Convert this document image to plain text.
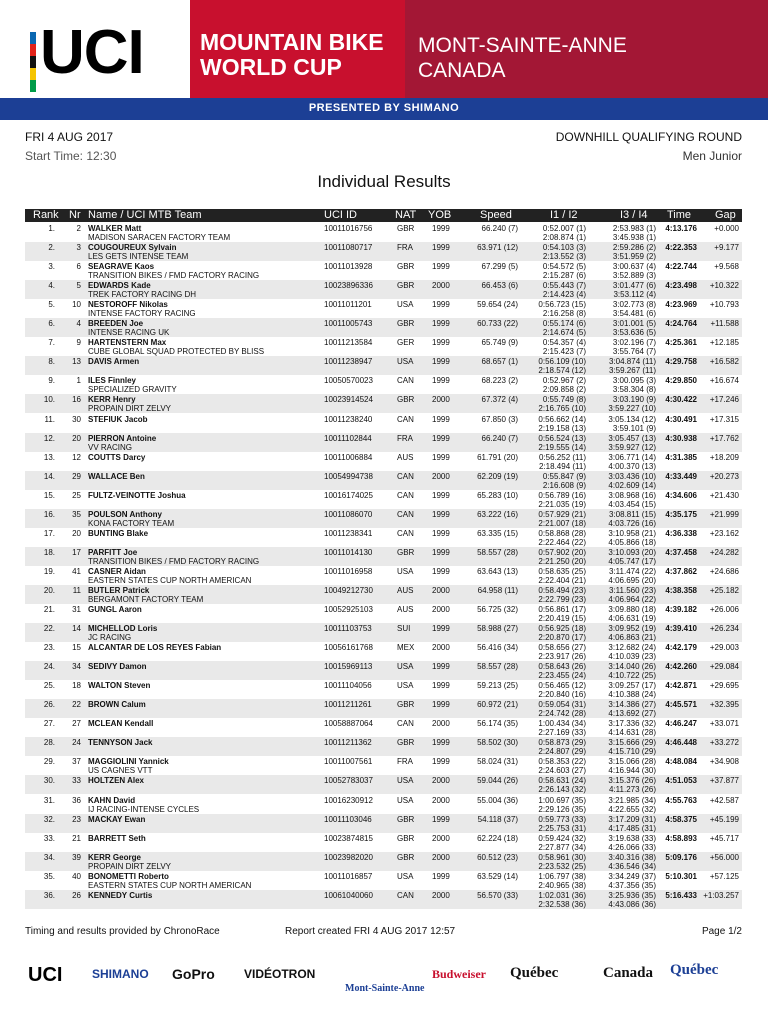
UCI MOUNTAIN BIKE
WORLD CUP
MONT-SAINTE-ANNE
CANADA
PRESENTED BY SHIMANO
FRI 4 AUG 2017
Start Time: 12:30
DOWNHILL QUALIFYING ROUND
Men Junior
Individual Results
Rank Nr Name / UCI MTB Team	UCI ID	NAT YOB	Speed	I1 / I2	I3 / I4 Time Gap
1.	2 WALKER Matt	10011016756	GBR 1999	66.240 (7)	0:52.007 (1)	2:53.983 (1) 4:13.176 +0.000
MADISON SARACEN FACTORY TEAM	2:08.874 (1)	3:45.938 (1)
2.	3 COUGOUREUX Sylvain	10011080717	FRA 1999	63.971 (12)	0:54.103 (3)	2:59.286 (2) 4:22.353 +9.177
LES GETS INTENSE TEAM	2:13.552 (3)	3:51.959 (2)
3.	6 SEAGRAVE Kaos	10011013928	GBR 1999	67.299 (5)	0:54.572 (5)	3:00.637 (4) 4:22.744 +9.568
TRANSITION BIKES / FMD FACTORY RACING	2:15.287 (6)	3:52.889 (3)
4.	5 EDWARDS Kade	10023896336	GBR 2000	66.453 (6)	0:55.443 (7)	3:01.477 (6) 4:23.498 +10.322
TREK FACTORY RACING DH	2:14.423 (4)	3:53.112 (4)
5. 10 NESTOROFF Nikolas	10011011201	USA 1999	59.654 (24)	0:56.723 (15)	3:02.773 (8) 4:23.969 +10.793
INTENSE FACTORY RACING	2:16.258 (8)	3:54.481 (6)
6.	4 BREEDEN Joe	10011005743	GBR 1999	60.733 (22)	0:55.174 (6)	3:01.001 (5) 4:24.764 +11.588
INTENSE RACING UK	2:14.674 (5)	3:53.636 (5)
7.	9 HARTENSTERN Max	10011213584	GER 1999	65.749 (9)	0:54.357 (4)	3:02.196 (7) 4:25.361 +12.185
CUBE GLOBAL SQUAD PROTECTED BY BLISS	2:15.423 (7)	3:55.764 (7)
8. 13 DAVIS Armen	10011238947	USA 1999	68.657 (1)	0:56.109 (10)	3:04.874 (11) 4:29.758 +16.582
2:18.574 (12)	3:59.267 (11)
9.	1 ILES Finnley	10050570023	CAN 1999	68.223 (2)	0:52.967 (2)	3:00.095 (3) 4:29.850 +16.674
SPECIALIZED GRAVITY	2:09.858 (2)	3:58.304 (8)
10. 16 KERR Henry	10023914524	GBR 2000	67.372 (4)	0:55.749 (8)	3:03.190 (9) 4:30.422 +17.246
PROPAIN DIRT ZELVY	2:16.765 (10)	3:59.227 (10)
11. 30 STEFIUK Jacob	10011238240	CAN 1999	67.850 (3)	0:56.662 (14)	3:05.134 (12) 4:30.491 +17.315
2:19.158 (13)	3:59.101 (9)
12. 20 PIERRON Antoine	10011102844	FRA 1999	66.240 (7)	0:56.524 (13)	3:05.457 (13) 4:30.938 +17.762
VV RACING	2:19.555 (14)	3:59.927 (12)
13. 12 COUTTS Darcy	10011006884	AUS 1999	61.791 (20)	0:56.252 (11)	3:06.771 (14) 4:31.385 +18.209
2:18.494 (11)	4:00.370 (13)
14. 29 WALLACE Ben	10054994738	CAN 2000	62.209 (19)	0:55.847 (9)	3:03.436 (10) 4:33.449 +20.273
2:16.608 (9)	4:02.609 (14)
15. 25 FULTZ-VEINOTTE Joshua	10016174025	CAN 1999	65.283 (10)	0:56.789 (16)	3:08.968 (16) 4:34.606 +21.430
2:21.035 (19)	4:03.454 (15)
16. 35 POULSON Anthony	10011086070	CAN 1999	63.222 (16)	0:57.929 (21)	3:08.811 (15) 4:35.175 +21.999
KONA FACTORY TEAM	2:21.007 (18)	4:03.726 (16)
17. 20 BUNTING Blake	10011238341	CAN 1999	63.335 (15)	0:58.868 (28)	3:10.958 (21) 4:36.338 +23.162
2:22.464 (22)	4:05.866 (18)
18. 17 PARFITT Joe	10011014130	GBR 1999	58.557 (28)	0:57.902 (20)	3:10.093 (20) 4:37.458 +24.282
TRANSITION BIKES / FMD FACTORY RACING	2:21.250 (20)	4:05.747 (17)
19. 41 CASNER Aidan	10011016958	USA 1999	63.643 (13)	0:58.635 (25)	3:11.474 (22) 4:37.862 +24.686
EASTERN STATES CUP NORTH AMERICAN	2:22.404 (21)	4:06.695 (20)
20. 11 BUTLER Patrick	10049212730	AUS 2000	64.958 (11)	0:58.494 (23)	3:11.560 (23) 4:38.358 +25.182
BERGAMONT FACTORY TEAM	2:22.799 (23)	4:06.964 (22)
21. 31 GUNGL Aaron	10052925103	AUS 2000	56.725 (32)	0:56.861 (17)	3:09.880 (18) 4:39.182 +26.006
2:20.419 (15)	4:06.631 (19)
22. 14 MICHELLOD Loris	10011103753	SUI	1999	58.988 (27)	0:56.925 (18)	3:09.952 (19) 4:39.410 +26.234
JC RACING	2:20.870 (17)	4:06.863 (21)
23. 15 ALCANTAR DE LOS REYES Fabian	10056161768	MEX 2000	56.416 (34)	0:58.656 (27)	3:12.682 (24) 4:42.179 +29.003
2:23.917 (26)	4:10.039 (23)
24. 34 SEDIVY Damon	10015969113	USA 1999	58.557 (28)	0:58.643 (26)	3:14.040 (26) 4:42.260 +29.084
2:23.455 (24)	4:10.722 (25)
25. 18 WALTON Steven	10011104056	USA 1999	59.213 (25)	0:56.465 (12)	3:09.257 (17) 4:42.871 +29.695
2:20.840 (16)	4:10.388 (24)
26. 22 BROWN Calum	10011211261	GBR 1999	60.972 (21)	0:59.054 (31)	3:14.386 (27) 4:45.571 +32.395
2:24.742 (28)	4:13.692 (27)
27. 27 MCLEAN Kendall	10058887064	CAN 2000	56.174 (35)	1:00.434 (34)	3:17.336 (32) 4:46.247 +33.071
2:27.169 (33)	4:14.631 (28)
28. 24 TENNYSON Jack	10011211362	GBR 1999	58.502 (30)	0:58.873 (29)	3:15.666 (29) 4:46.448 +33.272
2:24.807 (29)	4:15.710 (29)
29. 37 MAGGIOLINI Yannick	10011007561	FRA 1999	58.024 (31)	0:58.353 (22)	3:15.066 (28) 4:48.084 +34.908
US CAGNES VTT	2:24.603 (27)	4:16.944 (30)
30. 33 HOLTZEN Alex	10052783037	USA 2000	59.044 (26)	0:58.631 (24)	3:15.376 (26) 4:51.053 +37.877
2:26.143 (32)	4:11.273 (26)
31. 36 KAHN David	10016230912	USA 2000	55.004 (36)	1:00.697 (35)	3:21.985 (34) 4:55.763 +42.587
IJ RACING-INTENSE CYCLES	2:29.126 (35)	4:22.655 (32)
32. 23 MACKAY Ewan	10011103046	GBR 1999	54.118 (37)	0:59.773 (33)	3:17.209 (31) 4:58.375 +45.199
2:25.753 (31)	4:17.485 (31)
33. 21 BARRETT Seth	10023874815	GBR 2000	62.224 (18)	0:59.424 (32)	3:19.638 (33) 4:58.893 +45.717
2:27.877 (34)	4:26.066 (33)
34. 39 KERR George	10023982020	GBR 2000	60.512 (23)	0:58.961 (30)	3:40.316 (38) 5:09.176 +56.000
PROPAIN DIRT ZELVY	2:23.532 (25)	4:36.546 (34)
35. 40 BONOMETTI Roberto	10011016857	USA 1999	63.529 (14)	1:06.797 (38)	3:34.249 (37) 5:10.301 +57.125
EASTERN STATES CUP NORTH AMERICAN	2:40.965 (38)	4:37.356 (35)
36. 26 KENNEDY Curtis	10061040060	CAN 2000	56.570 (33)	1:02.031 (36)	3:25.936 (35) 5:16.433 +1:03.257
2:32.538 (36)	4:43.086 (36)
Timing and results provided by ChronoRace	Report created FRI 4 AUG 2017 12:57	Page 1/2
UCI SHIMANO GoPro VIDÉOTRON
Mont-Sainte-Anne
Budweiser Québec	Canada Québec
